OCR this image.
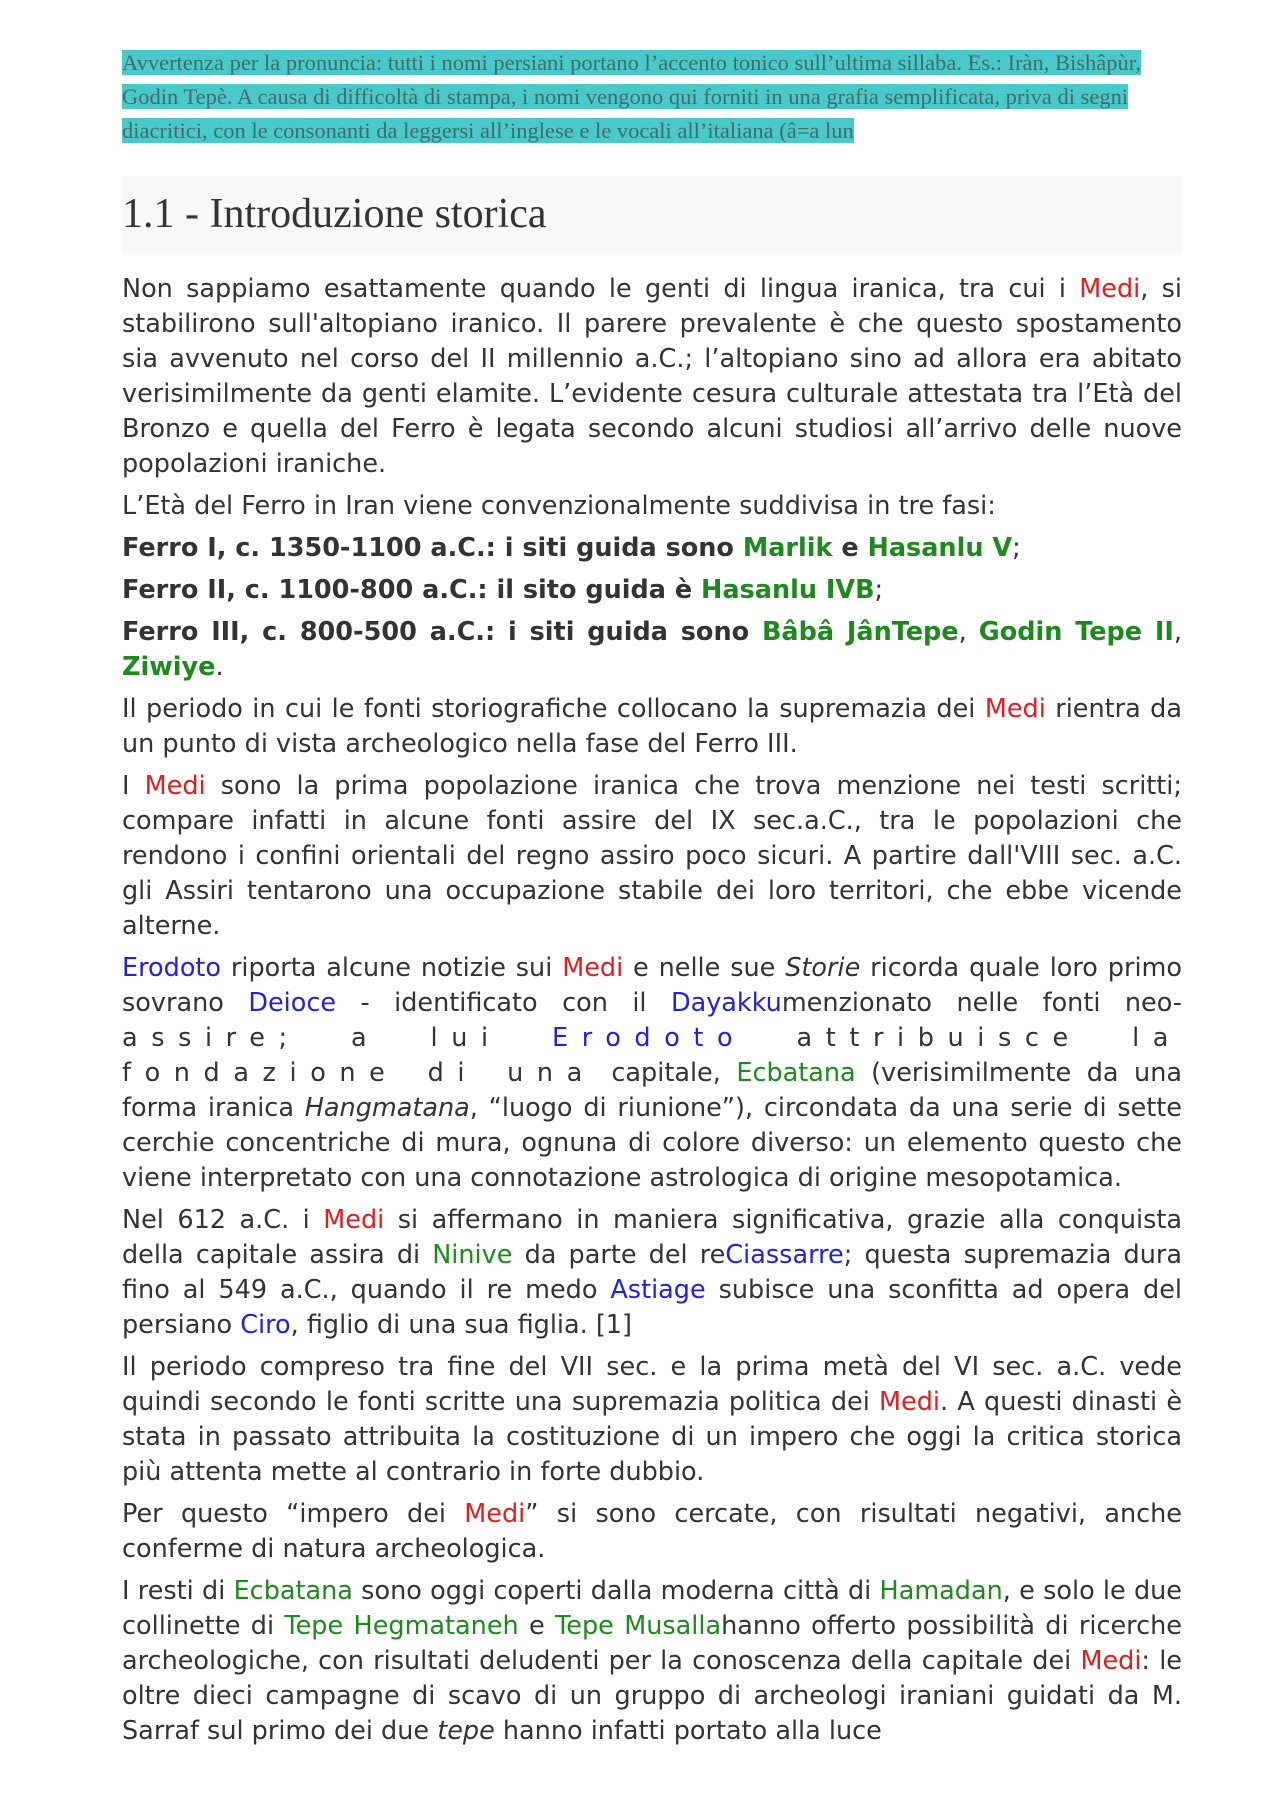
Avvertenza per la pronuncia: tutti i nomi persiani portano l’accento tonico sull’ultima sillaba. Es.: Iràn, Bishâpùr, Godin Tepè. A causa di difficoltà di stampa, i nomi vengono qui forniti in una grafia semplificata, priva di segni diacritici, con le consonanti da leggersi all’inglese e le vocali all’italiana (â=a lun
1.1 - Introduzione storica

Non sappiamo esattamente quando le genti di lingua iranica, tra cui i Medi, si stabilirono sull'altopiano iranico. Il parere prevalente è che questo spostamento sia avvenuto nel corso del II millennio a.C.; l’altopiano sino ad allora era abitato verisimilmente da genti elamite. L’evidente cesura culturale attestata tra l’Età del Bronzo e quella del Ferro è legata secondo alcuni studiosi all’arrivo delle nuove popolazioni iraniche.

L’Età del Ferro in Iran viene convenzionalmente suddivisa in tre fasi:

Ferro I, c. 1350-1100 a.C.: i siti guida sono Marlik e Hasanlu V;

Ferro II, c. 1100-800 a.C.: il sito guida è Hasanlu IVB;

Ferro III, c. 800-500 a.C.: i siti guida sono Bâbâ JânTepe, Godin Tepe II, Ziwiye.

Il periodo in cui le fonti storiografiche collocano la supremazia dei Medi rientra da un punto di vista archeologico nella fase del Ferro III.

I Medi sono la prima popolazione iranica che trova menzione nei testi scritti; compare infatti in alcune fonti assire del IX sec.a.C., tra le popolazioni che rendono i confini orientali del regno assiro poco sicuri. A partire dall'VIII sec. a.C. gli Assiri tentarono una occupazione stabile dei loro territori, che ebbe vicende alterne.

Erodoto riporta alcune notizie sui Medi e nelle sue Storie ricorda quale loro primo sovrano Deioce - identificato con il Dayakkumenzionato nelle fonti neo-assire; a lui Erodoto attribuisce la fondazione di una capitale, Ecbatana (verisimilmente da una forma iranica Hangmatana, “luogo di riunione”), circondata da una serie di sette cerchie concentriche di mura, ognuna di colore diverso: un elemento questo che viene interpretato con una connotazione astrologica di origine mesopotamica.

Nel 612 a.C. i Medi si affermano in maniera significativa, grazie alla conquista della capitale assira di Ninive da parte del reCiassarre; questa supremazia dura fino al 549 a.C., quando il re medo Astiage subisce una sconfitta ad opera del persiano Ciro, figlio di una sua figlia. [1]

Il periodo compreso tra fine del VII sec. e la prima metà del VI sec. a.C. vede quindi secondo le fonti scritte una supremazia politica dei Medi. A questi dinasti è stata in passato attribuita la costituzione di un impero che oggi la critica storica più attenta mette al contrario in forte dubbio.

Per questo “impero dei Medi” si sono cercate, con risultati negativi, anche conferme di natura archeologica.

I resti di Ecbatana sono oggi coperti dalla moderna città di Hamadan, e solo le due collinette di Tepe Hegmataneh e Tepe Musallahanno offerto possibilità di ricerche archeologiche, con risultati deludenti per la conoscenza della capitale dei Medi: le oltre dieci campagne di scavo di un gruppo di archeologi iraniani guidati da M. Sarraf sul primo dei due tepe hanno infatti portato alla luce
